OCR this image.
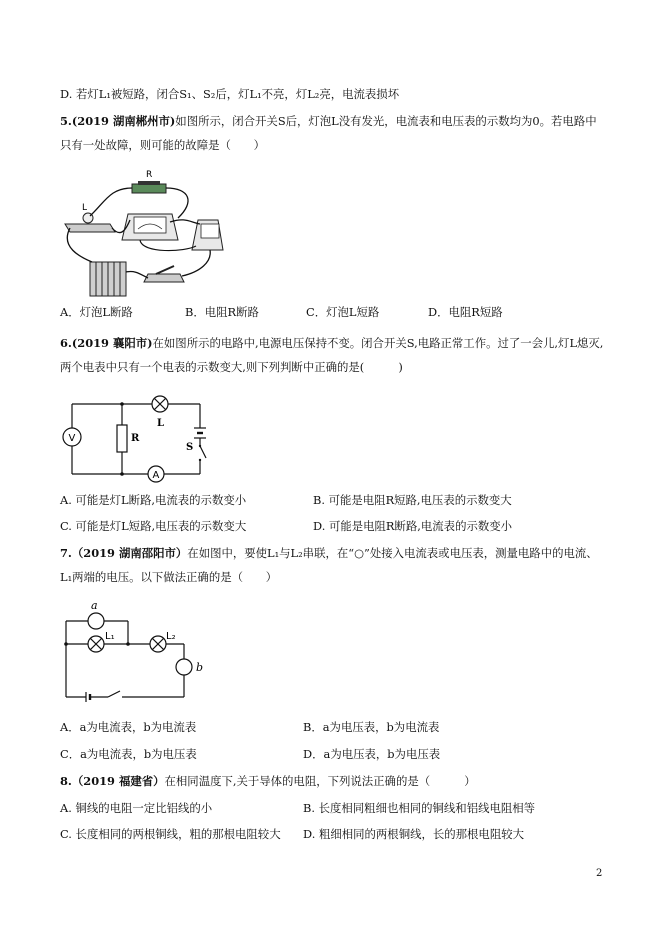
D. 若灯L₁被短路，闭合S₁、S₂后，灯L₁不亮，灯L₂亮，电流表损坏
5.(2019 湖南郴州市)如图所示，闭合开关S后，灯泡L没有发光，电流表和电压表的示数均为0。若电路中
只有一处故障，则可能的故障是（　　）
R
L
A．灯泡L断路	B．电阻R断路	C．灯泡L短路	D．电阻R短路
6.(2019 襄阳市)在如图所示的电路中,电源电压保持不变。闭合开关S,电路正常工作。过了一会儿,灯L熄灭,
两个电表中只有一个电表的示数变大,则下列判断中正确的是(　　　)
V	R
L
S
A
A. 可能是灯L断路,电流表的示数变小	B. 可能是电阻R短路,电压表的示数变大
C. 可能是灯L短路,电压表的示数变大	D. 可能是电阻R断路,电流表的示数变小
7.（2019 湖南邵阳市）在如图中，要使L₁与L₂串联，在“○”处接入电流表或电压表，测量电路中的电流、
L₁两端的电压。以下做法正确的是（　　）
a
L₁	L₂
b
A．a为电流表，b为电流表	B．a为电压表，b为电流表
C．a为电流表，b为电压表	D．a为电压表，b为电压表
8.（2019 福建省）在相同温度下,关于导体的电阻，下列说法正确的是（　　　）
A. 铜线的电阻一定比铝线的小	B. 长度相同粗细也相同的铜线和铝线电阻相等
C. 长度相同的两根铜线，粗的那根电阻较大 D. 粗细相同的两根铜线，长的那根电阻较大
2
